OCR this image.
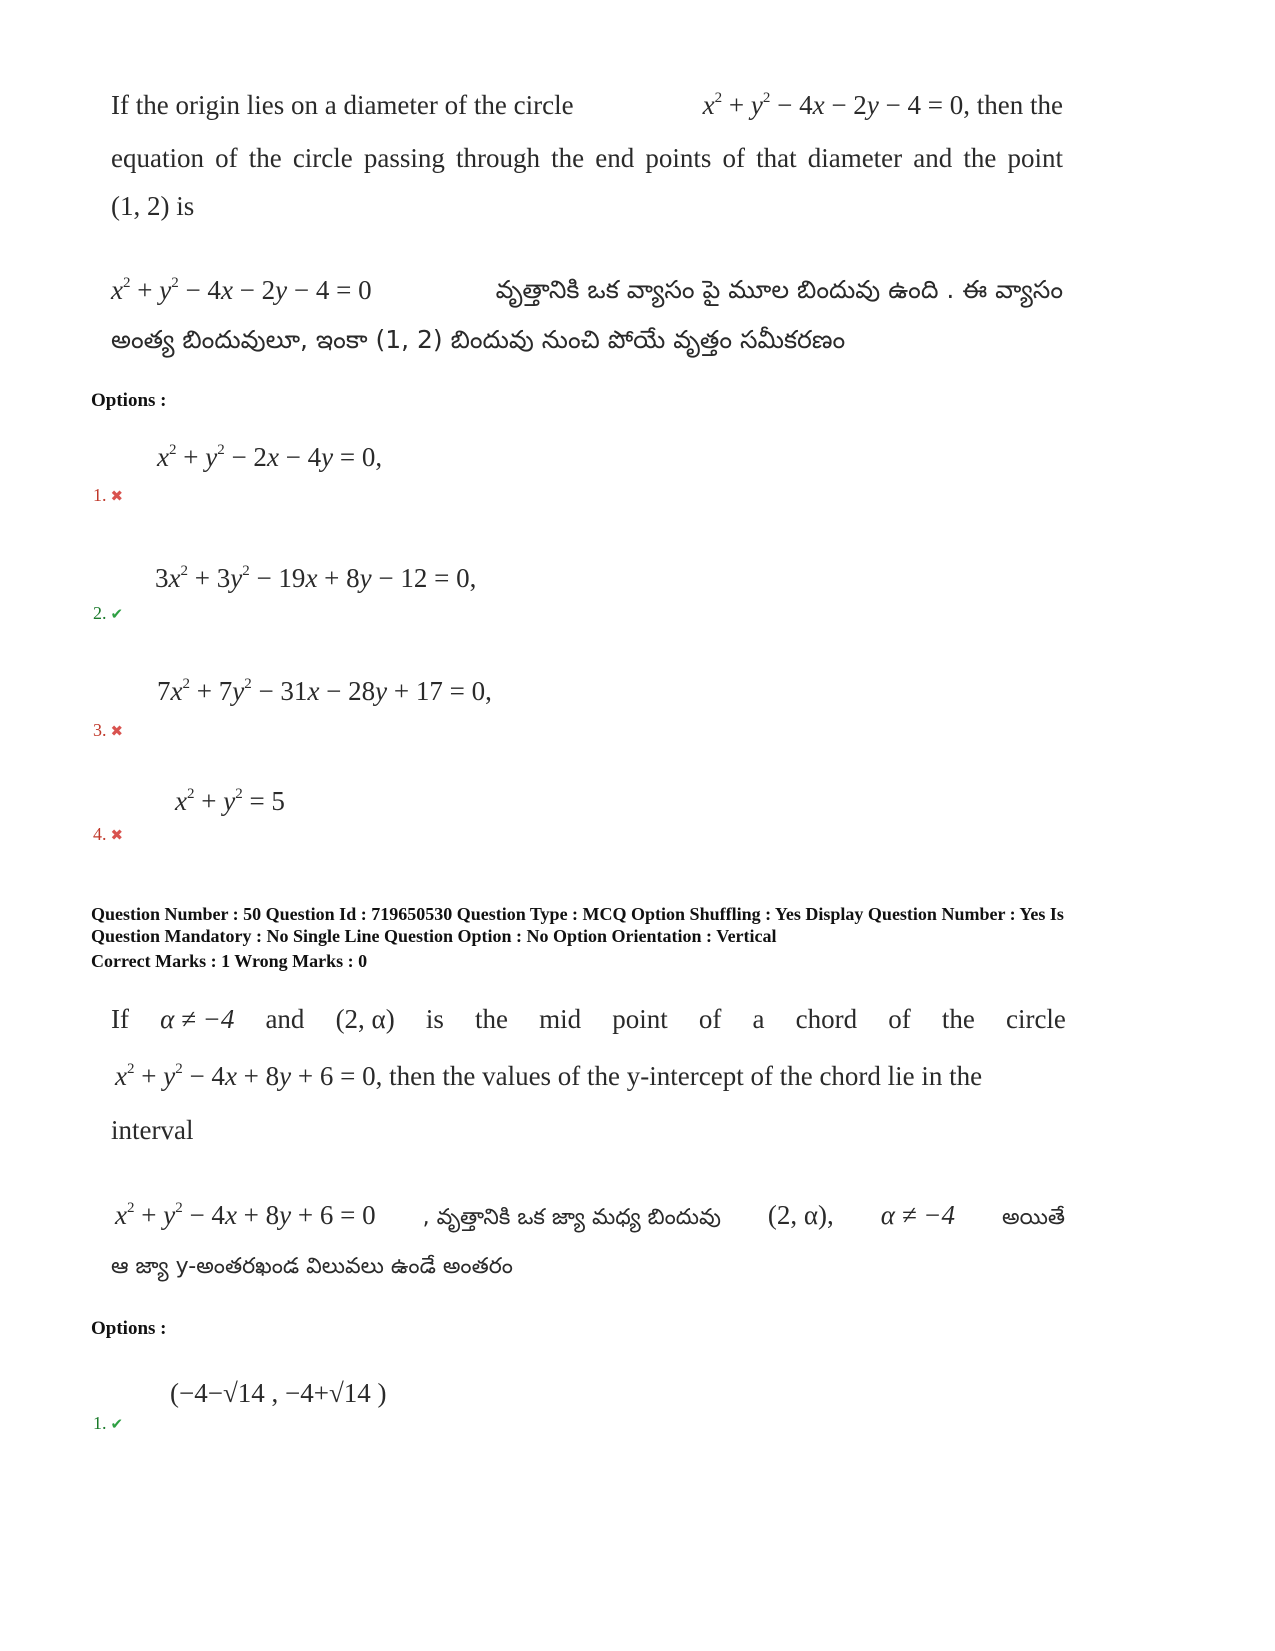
If the origin lies on a diameter of the circle	$x^2 + y^2 - 4x - 2y - 4 = 0$, then the
equation of the circle passing through the end points of that diameter and the point
(1, 2) is
$x^2 + y^2 - 4x - 2y - 4 = 0$	వృత్తానికి ఒక వ్యాసం పై మూల బిందువు ఉంది . ఈ వ్యాసం
అంత్య బిందువులూ, ఇంకా (1, 2) బిందువు నుంచి పోయే వృత్తం సమీకరణం
Options :
$x^2 + y^2 - 2x - 4y = 0$,
1. ✖
$3x^2 + 3y^2 - 19x + 8y - 12 = 0$,
2. ✔
$7x^2 + 7y^2 - 31x - 28y + 17 = 0$,
3. ✖
$x^2 + y^2 = 5$
4. ✖
Question Number : 50 Question Id : 719650530 Question Type : MCQ Option Shuffling : Yes Display Question Number : Yes Is
Question Mandatory : No Single Line Question Option : No Option Orientation : Vertical
Correct Marks : 1 Wrong Marks : 0
If α ≠ −4 and (2, α) is the mid point of a chord of the circle
$x^2 + y^2 - 4x + 8y + 6 = 0$, then the values of the y-intercept of the chord lie in the
interval
$x^2 + y^2 - 4x + 8y + 6 = 0$ , వృత్తానికి ఒక జ్యా మధ్య బిందువు (2, α), α ≠ −4 అయితే
ఆ జ్యా y-అంతరఖండ విలువలు ఉండే అంతరం
Options :
(−4−√14 , −4+√14 )
1. ✔
